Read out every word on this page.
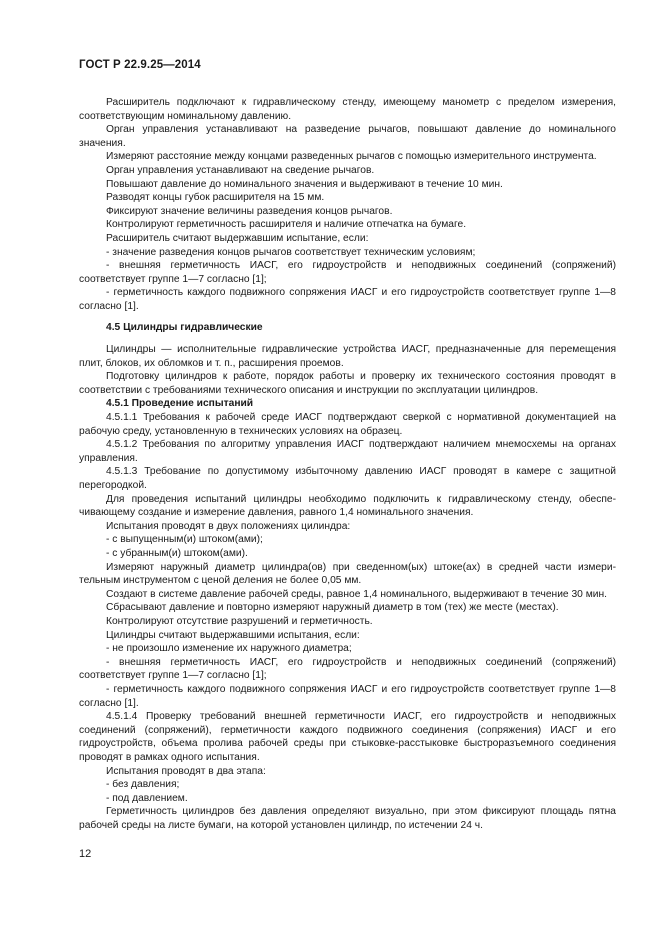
ГОСТ Р 22.9.25—2014

Расширитель подключают к гидравлическому стенду, имеющему манометр с пределом измерения, соответствующим номинальному давлению.

Орган управления устанавливают на разведение рычагов, повышают давление до номинального значения.

Измеряют расстояние между концами разведенных рычагов с помощью измерительного инструмента.

Орган управления устанавливают на сведение рычагов.

Повышают давление до номинального значения и выдерживают в течение 10 мин.

Разводят концы губок расширителя на 15 мм.

Фиксируют значение величины разведения концов рычагов.

Контролируют герметичность расширителя и наличие отпечатка на бумаге.

Расширитель считают выдержавшим испытание, если:

- значение разведения концов рычагов соответствует техническим условиям;

- внешняя герметичность ИАСГ, его гидроустройств и неподвижных соединений (сопряжений) соответствует группе 1—7 согласно [1];

- герметичность каждого подвижного сопряжения ИАСГ и его гидроустройств соответствует группе 1—8 согласно [1].

4.5 Цилиндры гидравлические

Цилиндры — исполнительные гидравлические устройства ИАСГ, предназначенные для перемещения плит, блоков, их обломков и т. п., расширения проемов.

Подготовку цилиндров к работе, порядок работы и проверку их технического состояния проводят в соответствии с требованиями технического описания и инструкции по эксплуатации цилиндров.

4.5.1 Проведение испытаний

4.5.1.1 Требования к рабочей среде ИАСГ подтверждают сверкой с нормативной документацией на рабочую среду, установленную в технических условиях на образец.

4.5.1.2 Требования по алгоритму управления ИАСГ подтверждают наличием мнемосхемы на органах управления.

4.5.1.3 Требование по допустимому избыточному давлению ИАСГ проводят в камере с защитной перегородкой.

Для проведения испытаний цилиндры необходимо подключить к гидравлическому стенду, обеспечивающему создание и измерение давления, равного 1,4 номинального значения.

Испытания проводят в двух положениях цилиндра:

- с выпущенным(и) штоком(ами);

- с убранным(и) штоком(ами).

Измеряют наружный диаметр цилиндра(ов) при сведенном(ых) штоке(ах) в средней части измерительным инструментом с ценой деления не более 0,05 мм.

Создают в системе давление рабочей среды, равное 1,4 номинального, выдерживают в течение 30 мин.

Сбрасывают давление и повторно измеряют наружный диаметр в том (тех) же месте (местах).

Контролируют отсутствие разрушений и герметичность.

Цилиндры считают выдержавшими испытания, если:

- не произошло изменение их наружного диаметра;

- внешняя герметичность ИАСГ, его гидроустройств и неподвижных соединений (сопряжений) соответствует группе 1—7 согласно [1];

- герметичность каждого подвижного сопряжения ИАСГ и его гидроустройств соответствует группе 1—8 согласно [1].

4.5.1.4 Проверку требований внешней герметичности ИАСГ, его гидроустройств и неподвижных соединений (сопряжений), герметичности каждого подвижного соединения (сопряжения) ИАСГ и его гидроустройств, объема пролива рабочей среды при стыковке-расстыковке быстроразъемного соединения проводят в рамках одного испытания.

Испытания проводят в два этапа:

- без давления;

- под давлением.

Герметичность цилиндров без давления определяют визуально, при этом фиксируют площадь пятна рабочей среды на листе бумаги, на которой установлен цилиндр, по истечении 24 ч.

12
